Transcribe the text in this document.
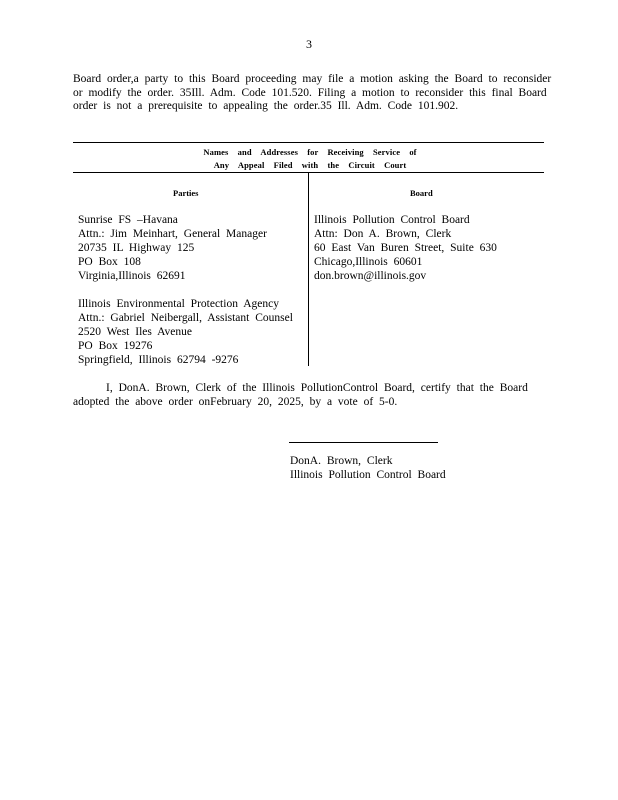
3
Board order,a party to this Board proceeding may file a motion asking the Board to reconsider
or modify the order. 35Ill. Adm. Code 101.520. Filing a motion to reconsider this final Board
order is not a prerequisite to appealing the order.35 Ill. Adm. Code 101.902.
Names and Addresses for Receiving Service of
Any Appeal Filed with the Circuit Court
Parties	Board
Sunrise FS –Havana
Attn.: Jim Meinhart, General Manager
20735 IL Highway 125
PO Box 108
Virginia,Illinois 62691
Illinois Environmental Protection Agency
Attn.: Gabriel Neibergall, Assistant Counsel
2520 West Iles Avenue
PO Box 19276
Springfield, Illinois 62794 -9276
Illinois Pollution Control Board
Attn: Don A. Brown, Clerk
60 East Van Buren Street, Suite 630
Chicago,Illinois 60601
don.brown@illinois.gov
I, DonA. Brown, Clerk of the Illinois PollutionControl Board, certify that the Board
adopted the above order onFebruary 20, 2025, by a vote of 5-0.
DonA. Brown, Clerk
Illinois Pollution Control Board
